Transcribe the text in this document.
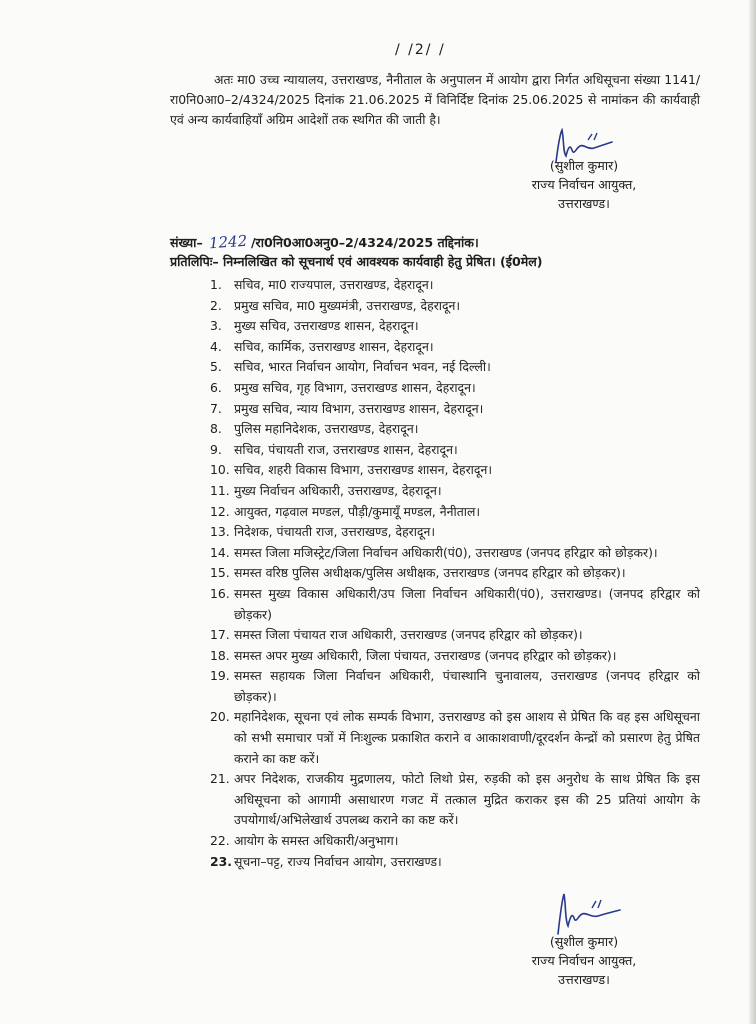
/ /2/ /
अतः मा0 उच्च न्यायालय, उत्तराखण्ड, नैनीताल के अनुपालन में आयोग द्वारा निर्गत अधिसूचना संख्या 1141/रा0नि0आ0–2/4324/2025 दिनांक 21.06.2025 में विनिर्दिष्ट दिनांक 25.06.2025 से नामांकन की कार्यवाही एवं अन्य कार्यवाहियाँ अग्रिम आदेशों तक स्थगित की जाती है।
(सुशील कुमार)
राज्य निर्वाचन आयुक्त,
उत्तराखण्ड।
संख्या– 1242 /रा0नि0आ0अनु0–2/4324/2025 तद्दिनांक।
प्रतिलिपिः– निम्नलिखित को सूचनार्थ एवं आवश्यक कार्यवाही हेतु प्रेषित। (ई0मेल)
1. सचिव, मा0 राज्यपाल, उत्तराखण्ड, देहरादून।
2. प्रमुख सचिव, मा0 मुख्यमंत्री, उत्तराखण्ड, देहरादून।
3. मुख्य सचिव, उत्तराखण्ड शासन, देहरादून।
4. सचिव, कार्मिक, उत्तराखण्ड शासन, देहरादून।
5. सचिव, भारत निर्वाचन आयोग, निर्वाचन भवन, नई दिल्ली।
6. प्रमुख सचिव, गृह विभाग, उत्तराखण्ड शासन, देहरादून।
7. प्रमुख सचिव, न्याय विभाग, उत्तराखण्ड शासन, देहरादून।
8. पुलिस महानिदेशक, उत्तराखण्ड, देहरादून।
9. सचिव, पंचायती राज, उत्तराखण्ड शासन, देहरादून।
10. सचिव, शहरी विकास विभाग, उत्तराखण्ड शासन, देहरादून।
11. मुख्य निर्वाचन अधिकारी, उत्तराखण्ड, देहरादून।
12. आयुक्त, गढ़वाल मण्डल, पौड़ी/कुमायूँ मण्डल, नैनीताल।
13. निदेशक, पंचायती राज, उत्तराखण्ड, देहरादून।
14. समस्त जिला मजिस्ट्रेट/जिला निर्वाचन अधिकारी(पं0), उत्तराखण्ड (जनपद हरिद्वार को छोड़कर)।
15. समस्त वरिष्ठ पुलिस अधीक्षक/पुलिस अधीक्षक, उत्तराखण्ड (जनपद हरिद्वार को छोड़कर)।
16. समस्त मुख्य विकास अधिकारी/उप जिला निर्वाचन अधिकारी(पं0), उत्तराखण्ड। (जनपद हरिद्वार को छोड़कर)
17. समस्त जिला पंचायत राज अधिकारी, उत्तराखण्ड (जनपद हरिद्वार को छोड़कर)।
18. समस्त अपर मुख्य अधिकारी, जिला पंचायत, उत्तराखण्ड (जनपद हरिद्वार को छोड़कर)।
19. समस्त सहायक जिला निर्वाचन अधिकारी, पंचास्थानि चुनावालय, उत्तराखण्ड (जनपद हरिद्वार को छोड़कर)।
20. महानिदेशक, सूचना एवं लोक सम्पर्क विभाग, उत्तराखण्ड को इस आशय से प्रेषित कि वह इस अधिसूचना को सभी समाचार पत्रों में निःशुल्क प्रकाशित कराने व आकाशवाणी/दूरदर्शन केन्द्रों को प्रसारण हेतु प्रेषित कराने का कष्ट करें।
21. अपर निदेशक, राजकीय मुद्रणालय, फोटो लिथो प्रेस, रुड़की को इस अनुरोध के साथ प्रेषित कि इस अधिसूचना को आगामी असाधारण गजट में तत्काल मुद्रित कराकर इस की 25 प्रतियां आयोग के उपयोगार्थ/अभिलेखार्थ उपलब्ध कराने का कष्ट करें।
22. आयोग के समस्त अधिकारी/अनुभाग।
23. सूचना–पट्ट, राज्य निर्वाचन आयोग, उत्तराखण्ड।
(सुशील कुमार)
राज्य निर्वाचन आयुक्त,
उत्तराखण्ड।
